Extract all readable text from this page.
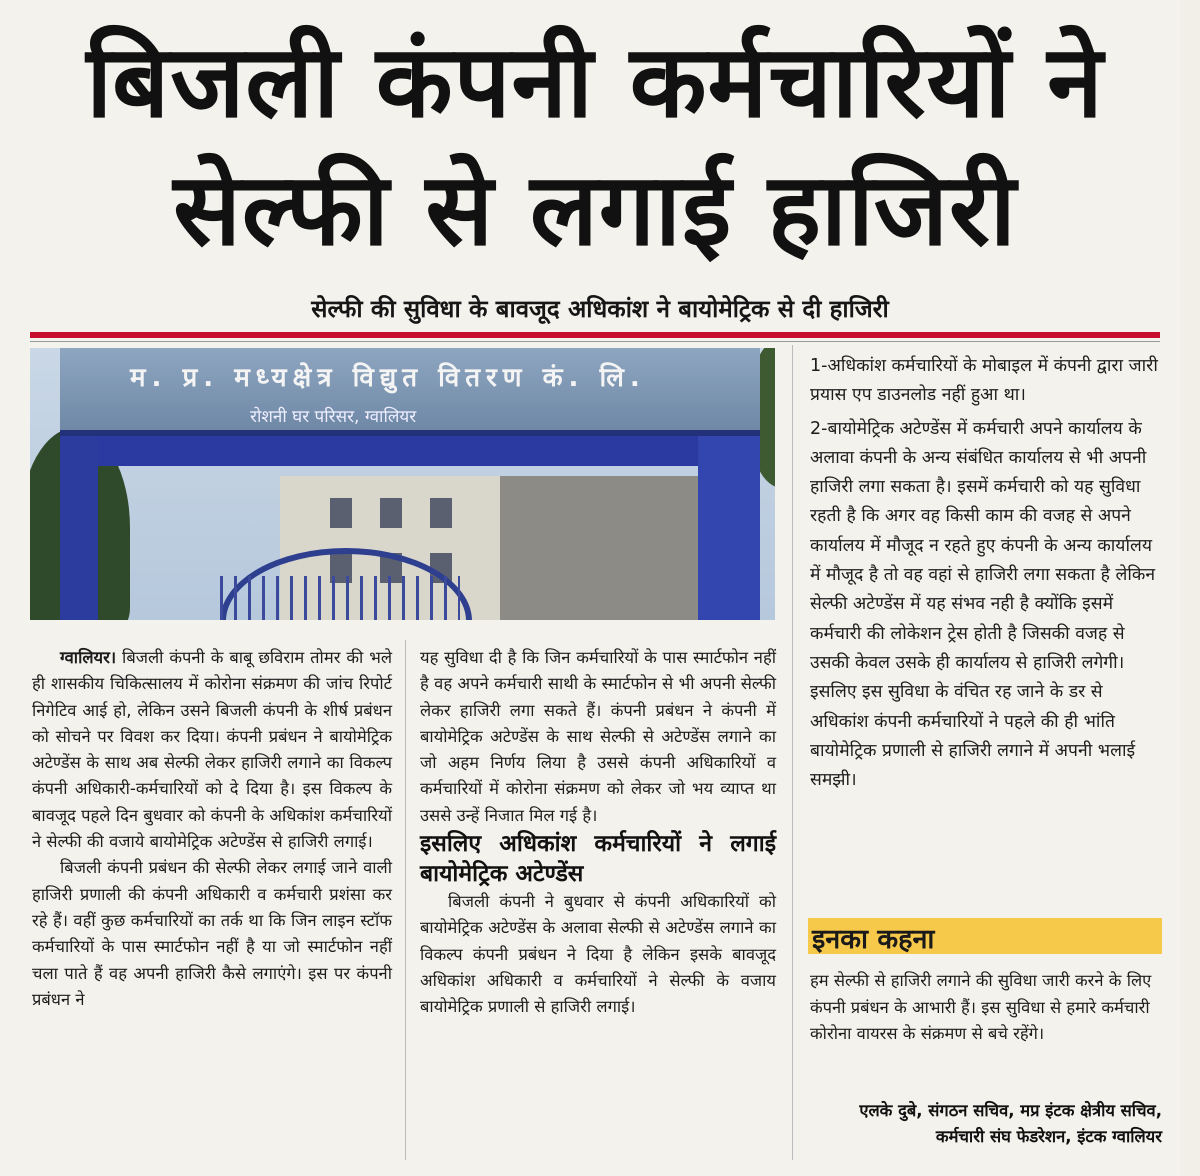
बिजली कंपनी कर्मचारियों ने
सेल्फी से लगाई हाजिरी
सेल्फी की सुविधा के बावजूद अधिकांश ने बायोमेट्रिक से दी हाजिरी
म. प्र. मध्यक्षेत्र विद्युत वितरण कं. लि.
रोशनी घर परिसर, ग्वालियर

ग्वालियर। बिजली कंपनी के बाबू छविराम तोमर की भले ही शासकीय चिकित्सालय में कोरोना संक्रमण की जांच रिपोर्ट निगेटिव आई हो, लेकिन उसने बिजली कंपनी के शीर्ष प्रबंधन को सोचने पर विवश कर दिया। कंपनी प्रबंधन ने बायोमेट्रिक अटेण्डेंस के साथ अब सेल्फी लेकर हाजिरी लगाने का विकल्प कंपनी अधिकारी-कर्मचारियों को दे दिया है। इस विकल्प के बावजूद पहले दिन बुधवार को कंपनी के अधिकांश कर्मचारियों ने सेल्फी की वजाये बायोमेट्रिक अटेण्डेंस से हाजिरी लगाई।

बिजली कंपनी प्रबंधन की सेल्फी लेकर लगाई जाने वाली हाजिरी प्रणाली की कंपनी अधिकारी व कर्मचारी प्रशंसा कर रहे हैं। वहीं कुछ कर्मचारियों का तर्क था कि जिन लाइन स्टॉफ कर्मचारियों के पास स्मार्टफोन नहीं है या जो स्मार्टफोन नहीं चला पाते हैं वह अपनी हाजिरी कैसे लगाएंगे। इस पर कंपनी प्रबंधन ने

यह सुविधा दी है कि जिन कर्मचारियों के पास स्मार्टफोन नहीं है वह अपने कर्मचारी साथी के स्मार्टफोन से भी अपनी सेल्फी लेकर हाजिरी लगा सकते हैं। कंपनी प्रबंधन ने कंपनी में बायोमेट्रिक अटेण्डेंस के साथ सेल्फी से अटेण्डेंस लगाने का जो अहम निर्णय लिया है उससे कंपनी अधिकारियों व कर्मचारियों में कोरोना संक्रमण को लेकर जो भय व्याप्त था उससे उन्हें निजात मिल गई है।

इसलिए अधिकांश कर्मचारियों ने लगाई बायोमेट्रिक अटेण्डेंस

बिजली कंपनी ने बुधवार से कंपनी अधिकारियों को बायोमेट्रिक अटेण्डेंस के अलावा सेल्फी से अटेण्डेंस लगाने का विकल्प कंपनी प्रबंधन ने दिया है लेकिन इसके बावजूद अधिकांश अधिकारी व कर्मचारियों ने सेल्फी के वजाय बायोमेट्रिक प्रणाली से हाजिरी लगाई।

1-अधिकांश कर्मचारियों के मोबाइल में कंपनी द्वारा जारी प्रयास एप डाउनलोड नहीं हुआ था।

2-बायोमेट्रिक अटेण्डेंस में कर्मचारी अपने कार्यालय के अलावा कंपनी के अन्य संबंधित कार्यालय से भी अपनी हाजिरी लगा सकता है। इसमें कर्मचारी को यह सुविधा रहती है कि अगर वह किसी काम की वजह से अपने कार्यालय में मौजूद न रहते हुए कंपनी के अन्य कार्यालय में मौजूद है तो वह वहां से हाजिरी लगा सकता है लेकिन सेल्फी अटेण्डेंस में यह संभव नही है क्योंकि इसमें कर्मचारी की लोकेशन ट्रेस होती है जिसकी वजह से उसकी केवल उसके ही कार्यालय से हाजिरी लगेगी। इसलिए इस सुविधा के वंचित रह जाने के डर से अधिकांश कंपनी कर्मचारियों ने पहले की ही भांति बायोमेट्रिक प्रणाली से हाजिरी लगाने में अपनी भलाई समझी।

इनका कहना
हम सेल्फी से हाजिरी लगाने की सुविधा जारी करने के लिए कंपनी प्रबंधन के आभारी हैं। इस सुविधा से हमारे कर्मचारी कोरोना वायरस के संक्रमण से बचे रहेंगे।
एलके दुबे, संगठन सचिव, मप्र इंटक क्षेत्रीय सचिव, कर्मचारी संघ फेडरेशन, इंटक ग्वालियर
